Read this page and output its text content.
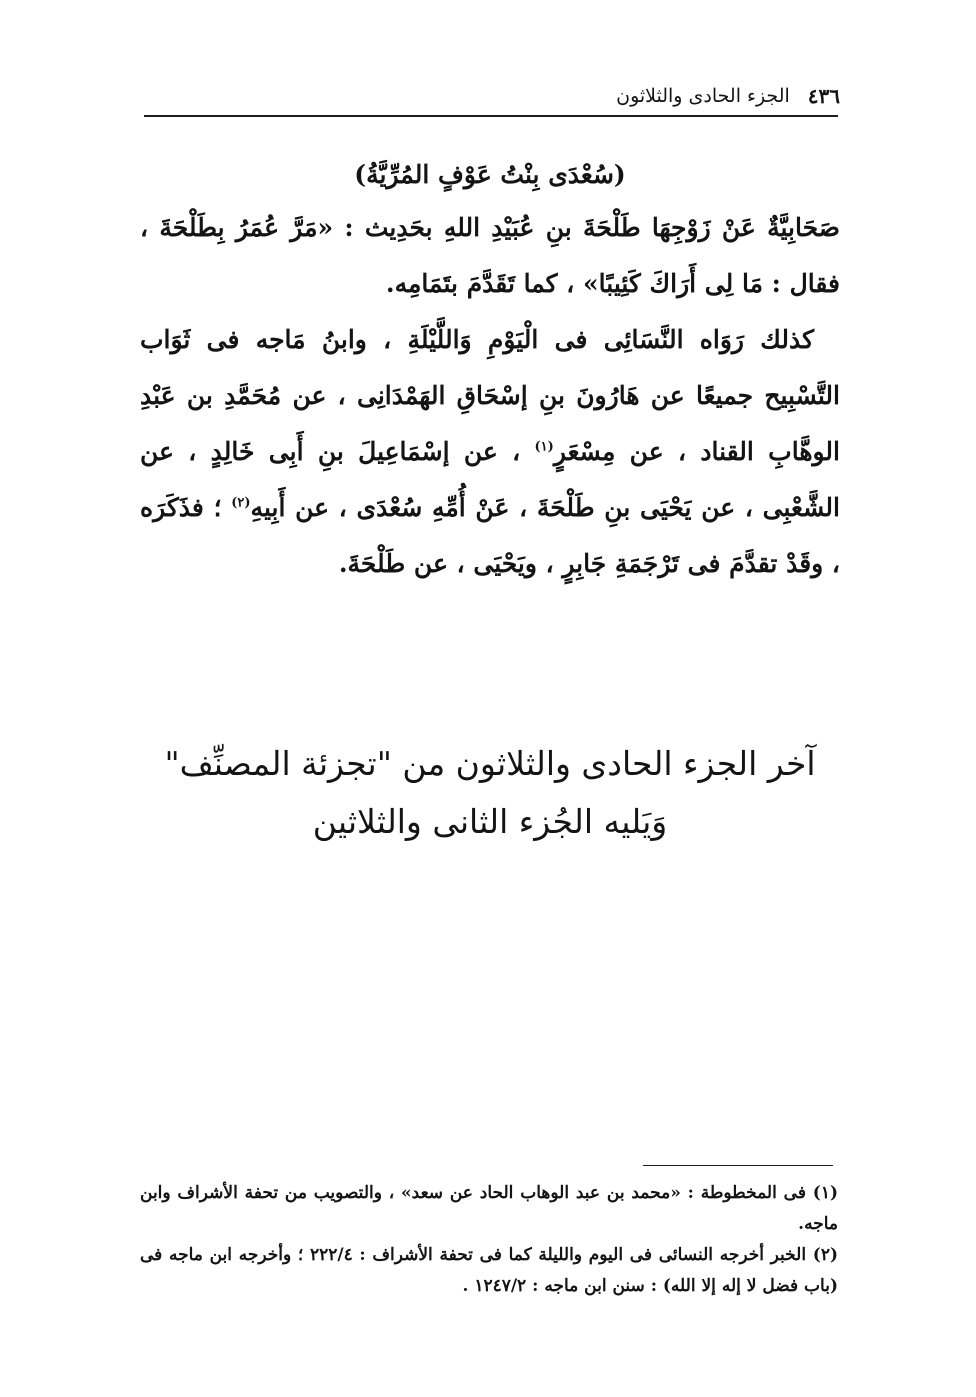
٤٣٦
الجزء الحادى والثلاثون

(سُعْدَى بِنْتُ عَوْفٍ المُرِّيَّةُ)

صَحَابِيَّةٌ عَنْ زَوْجِهَا طَلْحَةَ بنِ عُبَيْدِ اللهِ بحَدِيث : «مَرَّ عُمَرُ بِطَلْحَةَ ، فقال : مَا لِى أَرَاكَ كَئِيبًا» ، كما تَقَدَّمَ بتَمَامِه.

كذلك رَوَاه النَّسَائِى فى الْيَوْمِ وَاللَّيْلَةِ ، وابنُ مَاجه فى ثَوَاب التَّسْبِيح جميعًا عن هَارُونَ بنِ إسْحَاقِ الهَمْدَانِى ، عن مُحَمَّدِ بن عَبْدِ الوهَّابِ القناد ، عن مِسْعَرٍ$^{(١)}$ ، عن إسْمَاعِيلَ بنِ أَبِى خَالِدٍ ، عن الشَّعْبِى ، عن يَحْيَى بنِ طَلْحَةَ ، عَنْ أُمِّهِ سُعْدَى ، عن أَبِيهِ$^{(٢)}$ ؛ فذَكَرَه ، وقَدْ تقدَّمَ فى تَرْجَمَةِ جَابِرٍ ، ويَحْيَى ، عن طَلْحَةَ.

آخر الجزء الحادى والثلاثون من "تجزئة المصنِّف"
وَيَليه الجُزء الثانى والثلاثين

(١) فى المخطوطة : «محمد بن عبد الوهاب الحاد عن سعد» ، والتصويب من تحفة الأشراف وابن ماجه.

(٢) الخبر أخرجه النسائى فى اليوم والليلة كما فى تحفة الأشراف : ٢٢٢/٤ ؛ وأخرجه ابن ماجه فى (باب فضل لا إله إلا الله) : سنن ابن ماجه : ١٢٤٧/٢ .
